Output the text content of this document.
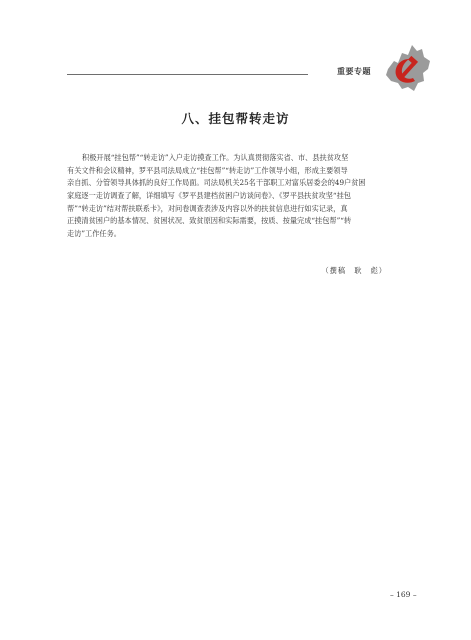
重要专题
八、挂包帮转走访
积极开展“挂包帮”“转走访”入户走访摸查工作。为认真贯彻落实省、市、县扶贫攻坚
有关文件和会议精神，罗平县司法局成立“挂包帮”“转走访”工作领导小组，形成主要领导
亲自抓、分管领导具体抓的良好工作局面。司法局机关25名干部职工对富乐居委会的49户贫困
家庭逐一走访调查了解，详细填写《罗平县建档贫困户访谈问卷》、《罗平县扶贫攻坚“挂包
帮”“转走访”结对帮扶联系卡》，对问卷调查表涉及内容以外的扶贫信息进行如实记录，真
正摸清贫困户的基本情况、贫困状况、致贫原因和实际需要，按质、按量完成“挂包帮”“转
走访”工作任务。
（撰稿　耿　彪）
– 169 –
